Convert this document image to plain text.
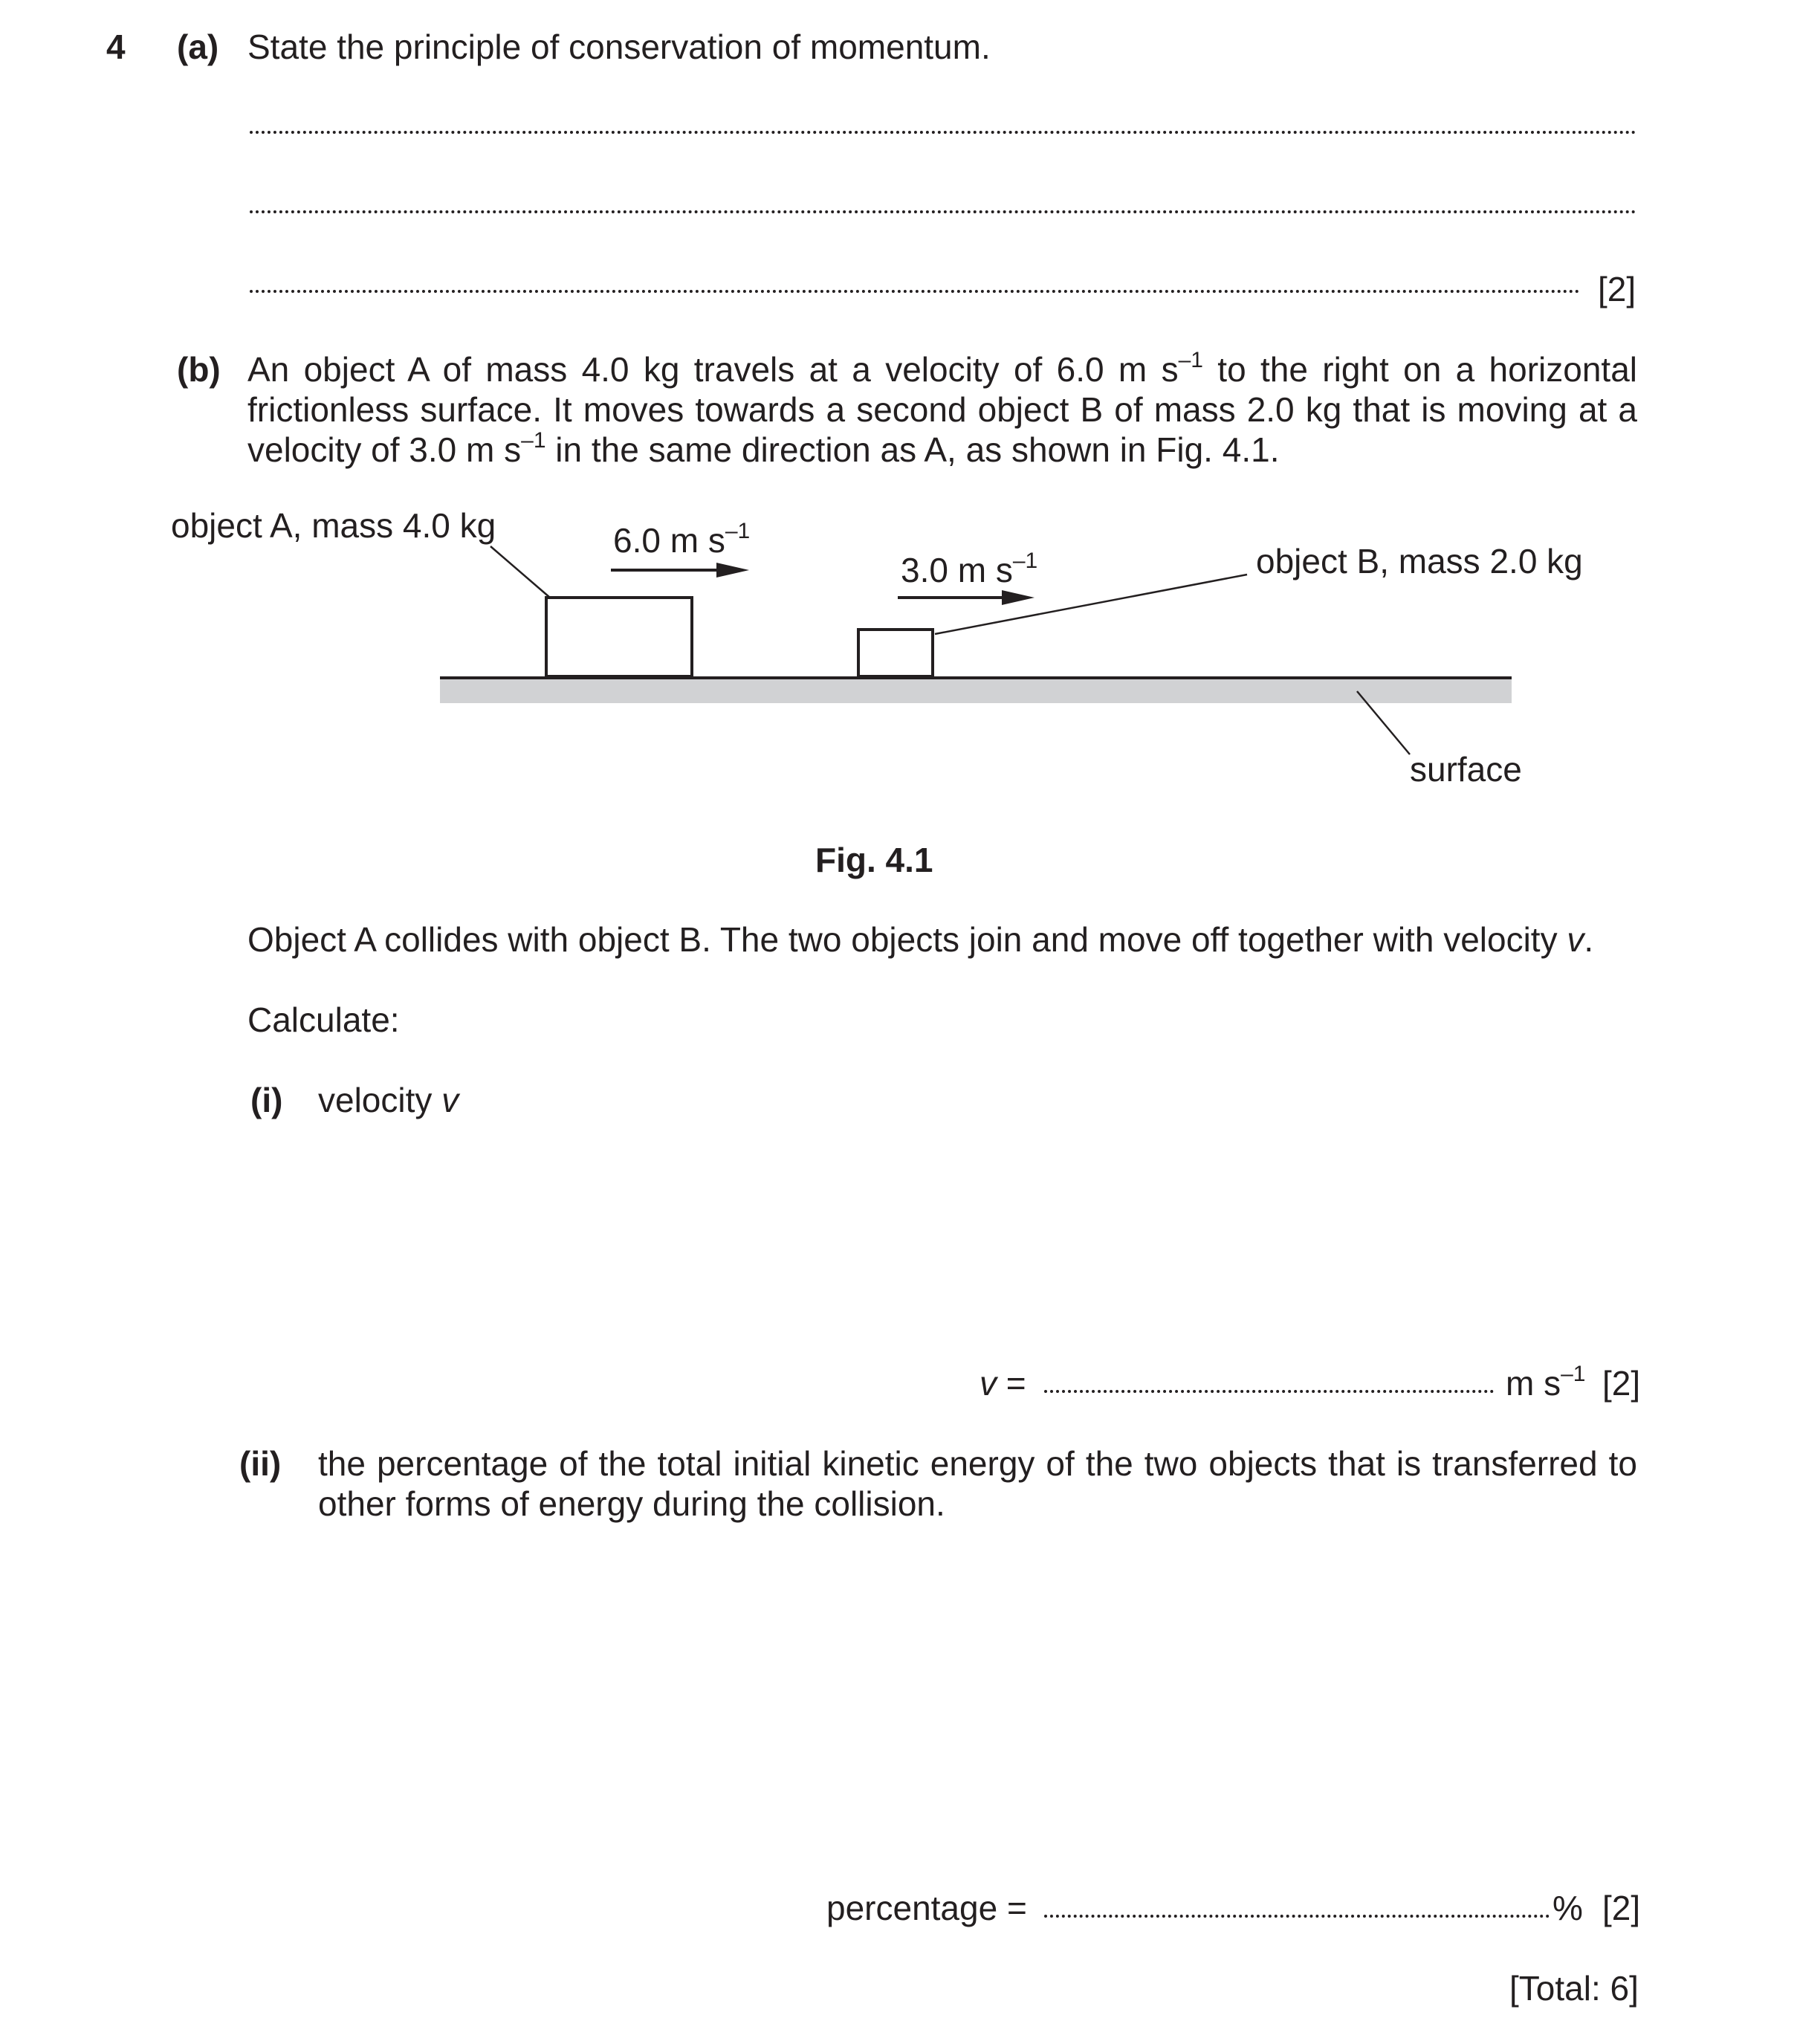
4 (a) State the principle of conservation of momentum.
[2]
(b) An object A of mass 4.0 kg travels at a velocity of 6.0 m $s^{-1}$ to the right on a horizontal
frictionless surface. It moves towards a second object B of mass 2.0 kg that is moving at a
velocity of 3.0 m $s^{-1}$ in the same direction as A, as shown in Fig. 4.1.
object A, mass 4.0 kg	6.0 m $s^{-1}$
3.0 m $s^{-1}$	object B, mass 2.0 kg
surface
Fig. 4.1
Object A collides with object B. The two objects join and move off together with velocity v.
Calculate:
(i) velocity v
v =	m $s^{-1}$ [2]
(ii) the percentage of the total initial kinetic energy of the two objects that is transferred to
other forms of energy during the collision.
percentage =	% [2]
[Total: 6]
